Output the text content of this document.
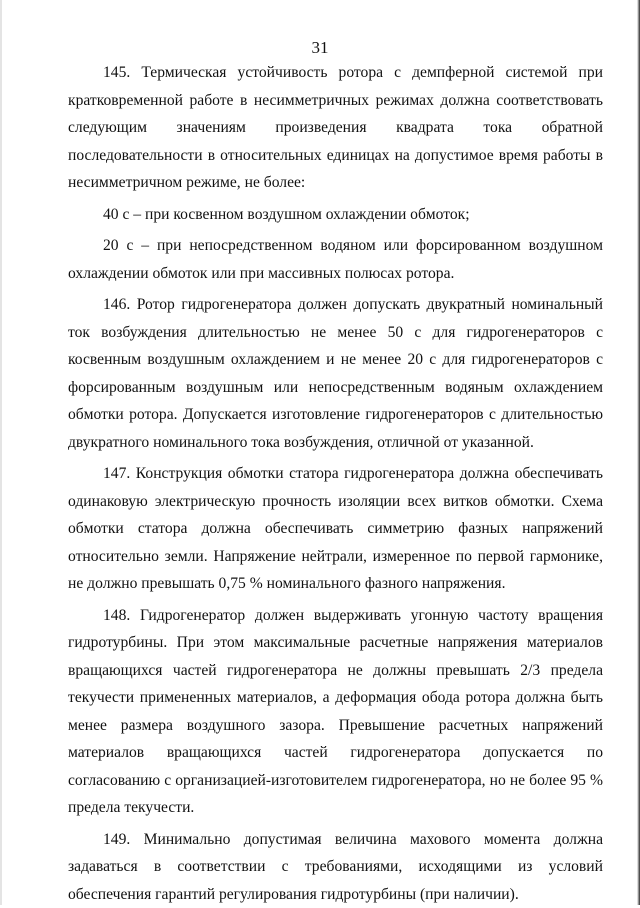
31

145. Термическая устойчивость ротора с демпферной системой при кратковременной работе в несимметричных режимах должна соответствовать следующим значениям произведения квадрата тока обратной последовательности в относительных единицах на допустимое время работы в несимметричном режиме, не более:

40 с – при косвенном воздушном охлаждении обмоток;

20 с – при непосредственном водяном или форсированном воздушном охлаждении обмоток или при массивных полюсах ротора.

146. Ротор гидрогенератора должен допускать двукратный номинальный ток возбуждения длительностью не менее 50 с для гидрогенераторов с косвенным воздушным охлаждением и не менее 20 с для гидрогенераторов с форсированным воздушным или непосредственным водяным охлаждением обмотки ротора. Допускается изготовление гидрогенераторов с длительностью двукратного номинального тока возбуждения, отличной от указанной.

147. Конструкция обмотки статора гидрогенератора должна обеспечивать одинаковую электрическую прочность изоляции всех витков обмотки. Схема обмотки статора должна обеспечивать симметрию фазных напряжений относительно земли. Напряжение нейтрали, измеренное по первой гармонике, не должно превышать 0,75 % номинального фазного напряжения.

148. Гидрогенератор должен выдерживать угонную частоту вращения гидротурбины. При этом максимальные расчетные напряжения материалов вращающихся частей гидрогенератора не должны превышать 2/3 предела текучести примененных материалов, а деформация обода ротора должна быть менее размера воздушного зазора. Превышение расчетных напряжений материалов вращающихся частей гидрогенератора допускается по согласованию с организацией-изготовителем гидрогенератора, но не более 95 % предела текучести.

149. Минимально допустимая величина махового момента должна задаваться в соответствии с требованиями, исходящими из условий обеспечения гарантий регулирования гидротурбины (при наличии).
